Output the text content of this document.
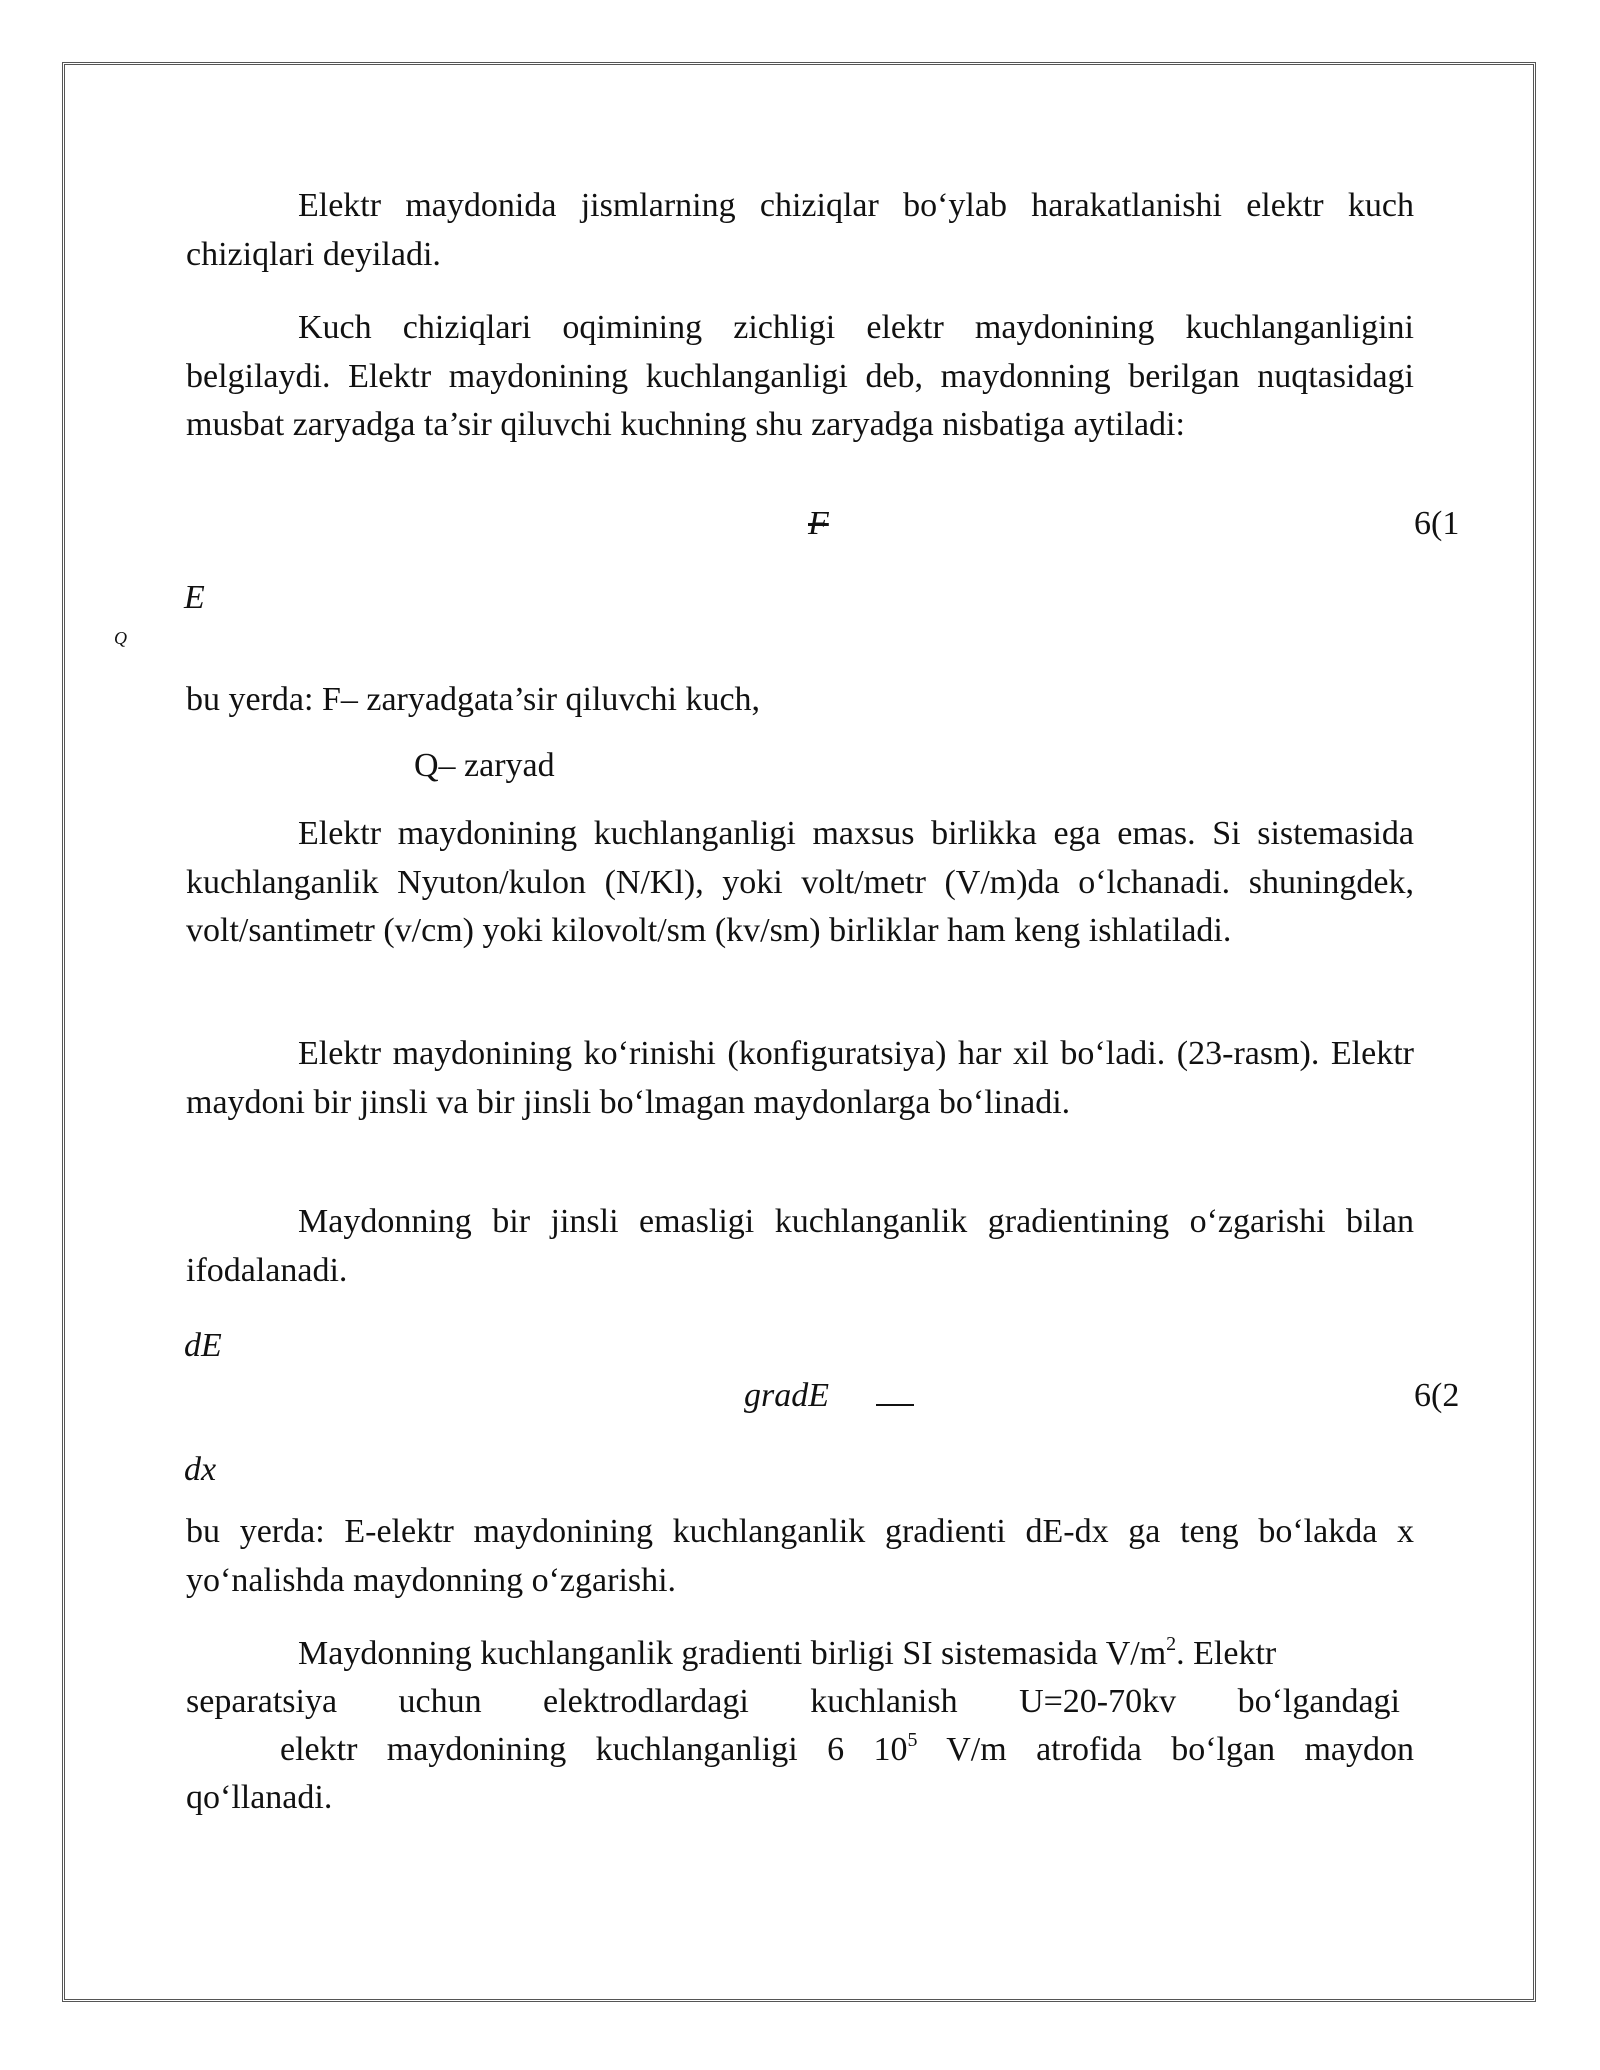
Elektr maydonida jismlarning chiziqlar bo‘ylab harakatlanishi elektr kuch
chiziqlari deyiladi.
Kuch chiziqlari oqimining zichligi elektr maydonining kuchlanganligini belgilaydi. Elektr maydonining kuchlanganligi deb, maydonning berilgan nuqtasidagi musbat zaryadga ta’sir qiluvchi kuchning shu zaryadga nisbatiga aytiladi:
F	6(1
E
Q
bu yerda: F– zaryadgata’sir qiluvchi kuch,
Q– zaryad
Elektr maydonining kuchlanganligi maxsus birlikka ega emas. Si sistemasida kuchlanganlik Nyuton/kulon (N/Kl), yoki volt/metr (V/m)da o‘lchanadi. shuningdek, volt/santimetr (v/cm) yoki kilovolt/sm (kv/sm) birliklar ham keng ishlatiladi.
Elektr maydonining ko‘rinishi (konfiguratsiya) har xil bo‘ladi. (23-rasm). Elektr maydoni bir jinsli va bir jinsli bo‘lmagan maydonlarga bo‘linadi.
Maydonning bir jinsli emasligi kuchlanganlik gradientining o‘zgarishi bilan ifodalanadi.
dE
gradE	6(2
dx
bu yerda: E-elektr maydonining kuchlanganlik gradienti dE-dx ga teng bo‘lakda x yo‘nalishda maydonning o‘zgarishi.
Maydonning kuchlanganlik gradienti birligi SI sistemasida $V/m^2$. Elektr
separatsiya uchun elektrodlardagi kuchlanish U=20-70kv bo‘lgandagi
elektr maydonining kuchlanganligi 6 $10^5$ V/m atrofida bo‘lgan maydon
qo‘llanadi.
